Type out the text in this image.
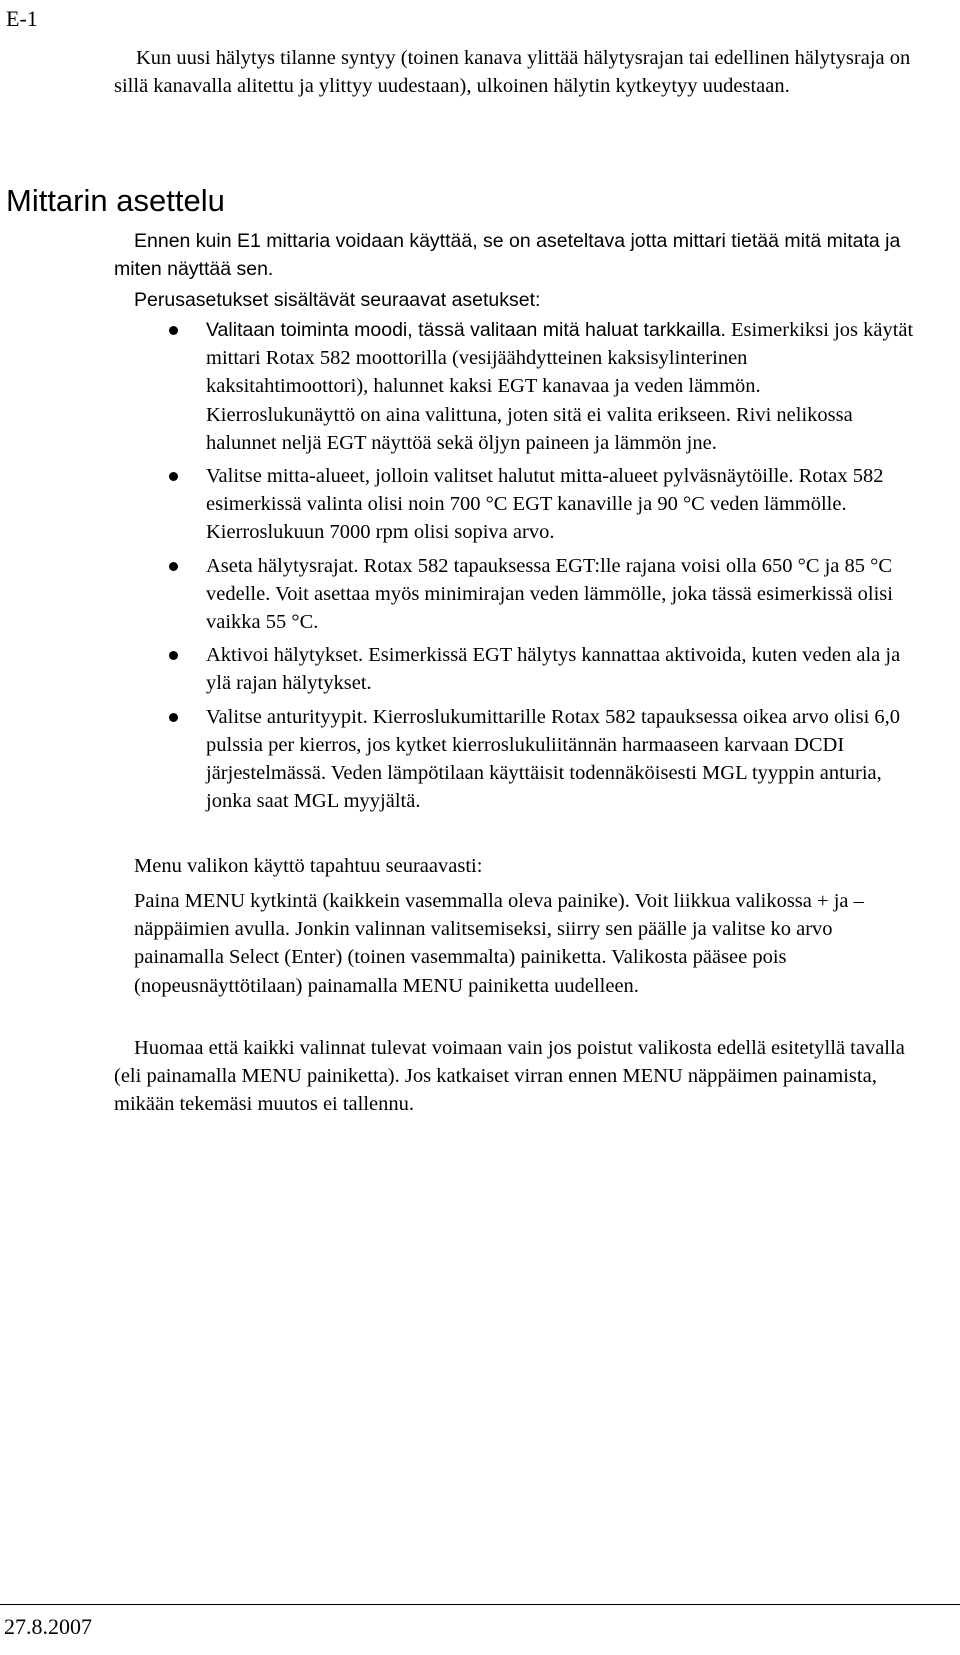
E-1

Kun uusi hälytys tilanne syntyy (toinen kanava ylittää hälytysrajan tai edellinen hälytysraja on sillä kanavalla alitettu ja ylittyy uudestaan), ulkoinen hälytin kytkeytyy uudestaan.

Mittarin asettelu

Ennen kuin E1 mittaria voidaan käyttää, se on aseteltava jotta mittari tietää mitä mitata ja miten näyttää sen.

Perusasetukset sisältävät seuraavat asetukset:

Valitaan toiminta moodi, tässä valitaan mitä haluat tarkkailla. Esimerkiksi jos käytät mittari Rotax 582 moottorilla (vesijäähdytteinen kaksisylinterinen kaksitahtimoottori), halunnet kaksi EGT kanavaa ja veden lämmön. Kierroslukunäyttö on aina valittuna, joten sitä ei valita erikseen. Rivi nelikossa halunnet neljä EGT näyttöä sekä öljyn paineen ja lämmön jne.
Valitse mitta-alueet, jolloin valitset halutut mitta-alueet pylväsnäytöille. Rotax 582 esimerkissä valinta olisi noin 700 °C EGT kanaville ja 90 °C veden lämmölle. Kierroslukuun 7000 rpm olisi sopiva arvo.
Aseta hälytysrajat. Rotax 582 tapauksessa EGT:lle rajana voisi olla 650 °C ja 85 °C vedelle. Voit asettaa myös minimirajan veden lämmölle, joka tässä esimerkissä olisi vaikka 55 °C.
Aktivoi hälytykset. Esimerkissä EGT hälytys kannattaa aktivoida, kuten veden ala ja ylä rajan hälytykset.
Valitse anturityypit. Kierroslukumittarille Rotax 582 tapauksessa oikea arvo olisi 6,0 pulssia per kierros, jos kytket kierroslukuliitännän harmaaseen karvaan DCDI järjestelmässä. Veden lämpötilaan käyttäisit todennäköisesti MGL tyyppin anturia, jonka saat MGL myyjältä.

Menu valikon käyttö tapahtuu seuraavasti:

Paina MENU kytkintä (kaikkein vasemmalla oleva painike). Voit liikkua valikossa + ja – näppäimien avulla. Jonkin valinnan valitsemiseksi, siirry sen päälle ja valitse ko arvo painamalla Select (Enter) (toinen vasemmalta) painiketta. Valikosta pääsee pois (nopeusnäyttötilaan) painamalla MENU painiketta uudelleen.

Huomaa että kaikki valinnat tulevat voimaan vain jos poistut valikosta edellä esitetyllä tavalla (eli painamalla MENU painiketta). Jos katkaiset virran ennen MENU näppäimen painamista, mikään tekemäsi muutos ei tallennu.

27.8.2007
